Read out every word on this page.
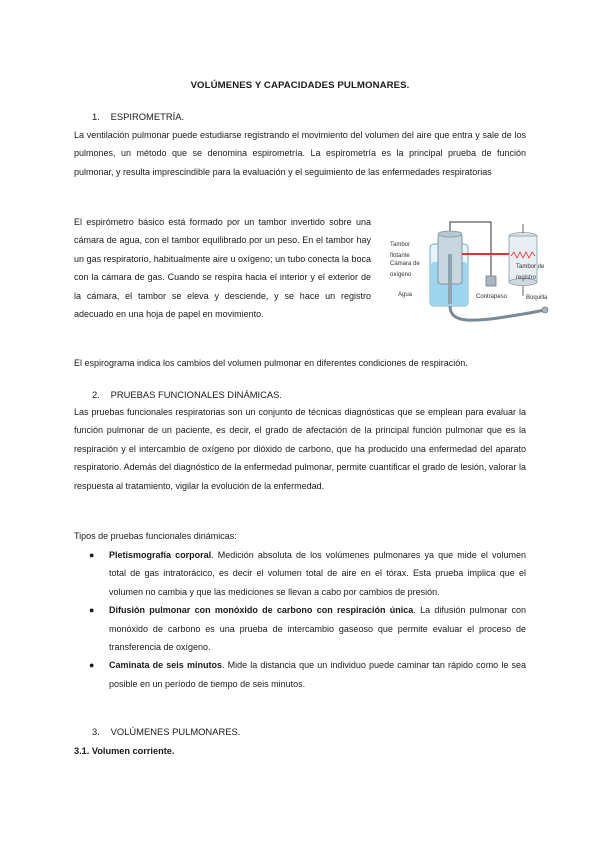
VOLÚMENES Y CAPACIDADES PULMONARES.
1. ESPIROMETRÍA.
La ventilación pulmonar puede estudiarse registrando el movimiento del volumen del aire que entra y sale de los pulmones, un método que se denomina espirometría. La espirometría es la principal prueba de función pulmonar, y resulta imprescindible para la evaluación y el seguimiento de las enfermedades respiratorias
El espirómetro básico está formado por un tambor invertido sobre una cámara de agua, con el tambor equilibrado por un peso. En el tambor hay un gas respiratorio, habitualmente aire u oxígeno; un tubo conecta la boca con la cámara de gas. Cuando se respira hacia el interior y el exterior de la cámara, el tambor se eleva y desciende, y se hace un registro adecuado en una hoja de papel en movimiento.
Tambor flotante
Cámara de oxígeno
Agua	Contrapeso
Tambor de registro
Boquilla
El espirograma indica los cambios del volumen pulmonar en diferentes condiciones de respiración.
2. PRUEBAS FUNCIONALES DINÁMICAS.
Las pruebas funcionales respiratorias son un conjunto de técnicas diagnósticas que se emplean para evaluar la función pulmonar de un paciente, es decir, el grado de afectación de la principal función pulmonar que es la respiración y el intercambio de oxígeno por dióxido de carbono, que ha producido una enfermedad del aparato respiratorio. Además del diagnóstico de la enfermedad pulmonar, permite cuantificar el grado de lesión, valorar la respuesta al tratamiento, vigilar la evolución de la enfermedad.
Tipos de pruebas funcionales dinámicas:
● Pletismografía corporal. Medición absoluta de los volúmenes pulmonares ya que mide el volumen total de gas intratorácico, es decir el volumen total de aire en el tórax. Esta prueba implica que el volumen no cambia y que las mediciones se llevan a cabo por cambios de presión.
● Difusión pulmonar con monóxido de carbono con respiración única. La difusión pulmonar con monóxido de carbono es una prueba de intercambio gaseoso que permite evaluar el proceso de transferencia de oxígeno.
● Caminata de seis minutos. Mide la distancia que un individuo puede caminar tan rápido como le sea posible en un período de tiempo de seis minutos.
3. VOLÚMENES PULMONARES.
3.1. Volumen corriente.
